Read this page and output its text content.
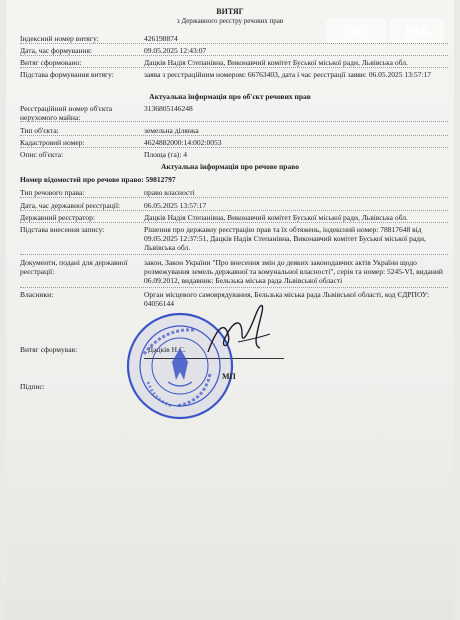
dim	RIA
ВИТЯГ
з Державного реєстру речових прав
Індексний номер витягу:	426198874
Дата, час формування:	09.05.2025 12:43:07
Витяг сформовано:	Дацків Надія Степанівна, Виконавчий комітет Буської міської ради, Львівська обл.
Підстава формування витягу:	заява з реєстраційним номером: 66763403, дата і час реєстрації заяви: 06.05.2025 13:57:17
Актуальна інформація про об'єкт речових прав
Реєстраційний номер об'єкта нерухомого майна:
3136805146248
Тип об'єкта:	земельна ділянка
Кадастровий номер:	4624882000:14:002:0053
Опис об'єкта:	Площа (га): 4
Актуальна інформація про речове право
Номер відомостей про речове право: 59812797
Тип речового права:	право власності
Дата, час державної реєстрації:	06.05.2025 13:57:17
Державний реєстратор:	Дацків Надія Степанівна, Виконавчий комітет Буської міської ради, Львівська обл.
Підстава внесення запису:	Рішення про державну реєстрацію прав та їх обтяжень, індексний номер: 78817648 від 09.05.2025 12:37:51, Дацків Надія Степанівна, Виконавчий комітет Буської міської ради, Львівська обл.
Документи, подані для державної реєстрації:
закон, Закон України "Про внесення змін до деяких законодавчих актів України щодо розмежування земель державної та комунальної власності", серія та номер: 5245-VI, виданий 06.09.2012, видавник: Бельзька міська рада Львівської області
Власники:	Орган місцевого самоврядування, Бельзька міська рада Львівської області, код ЄДРПОУ: 04056144
Витяг сформував:
Підпис:
МП
